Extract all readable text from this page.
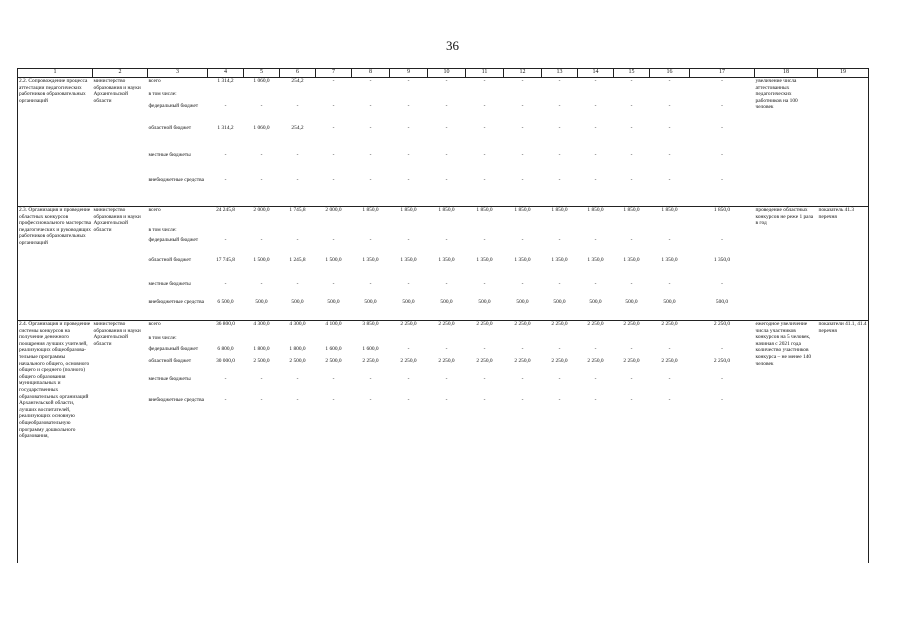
36
1	2	3	4	5	6	7	8	9	10	11	12	13	14	15	16	17	18	19
2.2. Сопровождение процесса аттестации педагогических работников образовательных организаций	министерство образования и науки Архангельской области	всего	1 314,2	1 060,0	254,2	-	-	-	-	-	-	-	-	-	-	-	увеличение числа аттестованных педагогических работников на 100 человек	
		в том числе:																
		федеральный бюджет	-	-	-	-	-	-	-	-	-	-	-	-	-	-		
		областной бюджет	1 314,2	1 060,0	254,2	-	-	-	-	-	-	-	-	-	-	-		
		местные бюджеты	-	-	-	-	-	-	-	-	-	-	-	-	-	-		
		внебюджетные средства	-	-	-	-	-	-	-	-	-	-	-	-	-	-		
2.3. Организация и проведение областных конкурсов профессионального мастерства педагогических и руководящих работников образовательных организаций	министерство образования и науки Архангельской области	всего	24 245,8	2 000,0	1 745,8	2 000,0	1 850,0	1 850,0	1 850,0	1 850,0	1 850,0	1 850,0	1 850,0	1 850,0	1 850,0	1 850,0	проведение областных конкурсов не реже 1 раза в год	показатель 41.3 перечня
		в том числе:																
		федеральный бюджет	-	-	-	-	-	-	-	-	-	-	-	-	-	-		
		областной бюджет	17 745,8	1 500,0	1 245,8	1 500,0	1 350,0	1 350,0	1 350,0	1 350,0	1 350,0	1 350,0	1 350,0	1 350,0	1 350,0	1 350,0		
		местные бюджеты	-	-	-	-	-	-	-	-	-	-	-	-	-	-		
		внебюджетные средства	6 500,0	500,0	500,0	500,0	500,0	500,0	500,0	500,0	500,0	500,0	500,0	500,0	500,0	500,0		
2.4. Организация и проведение системы конкурсов на получение денежного поощрения лучших учителей, реализующих общеобразова-тельные программы начального общего, основного общего и среднего (полного) общего образования муниципальных и государственных образовательных организаций Архангельской области, лучших воспитателей, реализующих основную общеобразовательную программу дошкольного образования,	министерство образования и науки Архангельской области	всего	36 800,0	4 300,0	4 300,0	4 100,0	3 850,0	2 250,0	2 250,0	2 250,0	2 250,0	2 250,0	2 250,0	2 250,0	2 250,0	2 250,0	ежегодное увеличение числа участников конкурсов на 5 человек, начиная с 2021 года количество участников конкурса – не менее 140 человек	показатели 41.1, 41.4 перечня
		в том числе:																
		федеральный бюджет	6 800,0	1 800,0	1 800,0	1 600,0	1 600,0	-	-	-	-	-	-	-	-	-		
		областной бюджет	30 000,0	2 500,0	2 500,0	2 500,0	2 250,0	2 250,0	2 250,0	2 250,0	2 250,0	2 250,0	2 250,0	2 250,0	2 250,0	2 250,0		
		местные бюджеты	-	-	-	-	-	-	-	-	-	-	-	-	-	-		
		внебюджетные средства	-	-	-	-	-	-	-	-	-	-	-	-	-	-		
